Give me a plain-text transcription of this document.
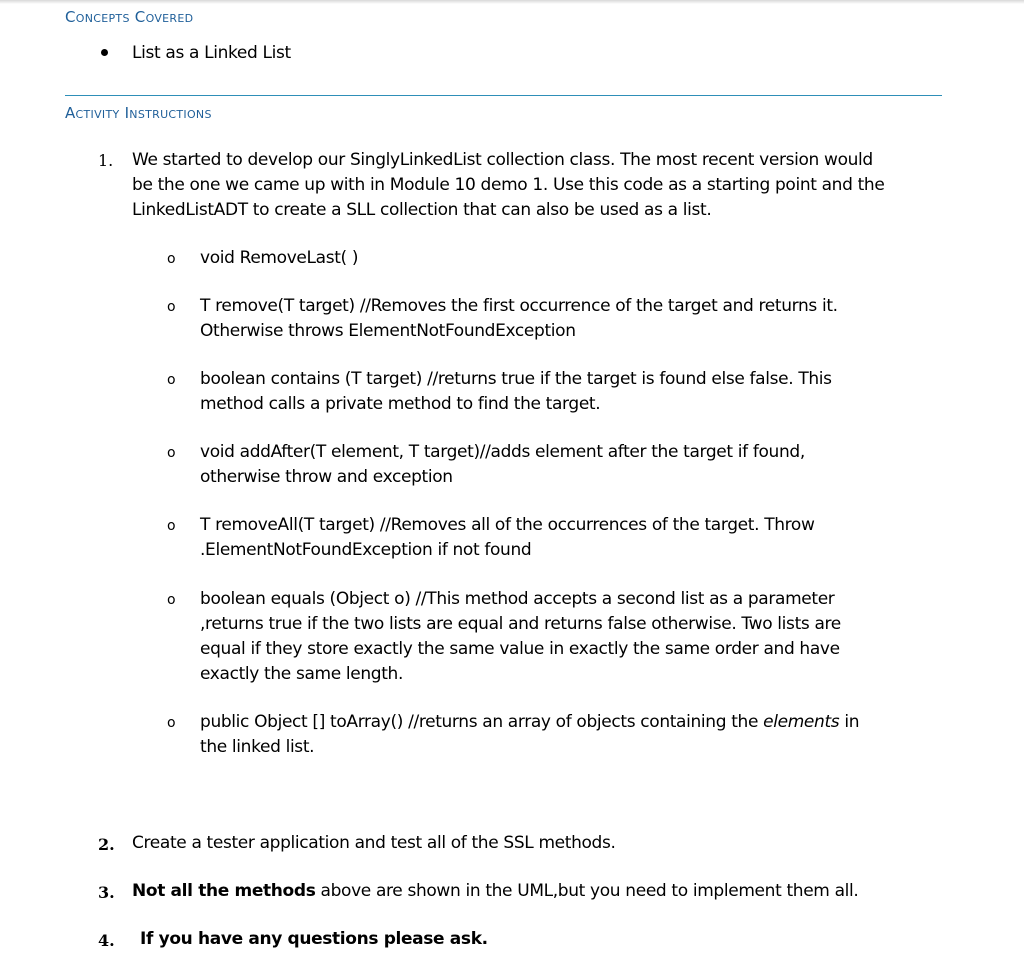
Concepts Covered
List as a Linked List
Activity Instructions
1. We started to develop our SinglyLinkedList collection class. The most recent version would
be the one we came up with in Module 10 demo 1. Use this code as a starting point and the
LinkedListADT to create a SLL collection that can also be used as a list.
o void RemoveLast( )
o T remove(T target) //Removes the first occurrence of the target and returns it.
Otherwise throws ElementNotFoundException
o boolean contains (T target) //returns true if the target is found else false. This
method calls a private method to find the target.
o void addAfter(T element, T target)//adds element after the target if found,
otherwise throw and exception
o T removeAll(T target) //Removes all of the occurrences of the target. Throw
.ElementNotFoundException if not found
o boolean equals (Object o) //This method accepts a second list as a parameter
,returns true if the two lists are equal and returns false otherwise. Two lists are
equal if they store exactly the same value in exactly the same order and have
exactly the same length.
o public Object [] toArray() //returns an array of objects containing the elements in
the linked list.
2. Create a tester application and test all of the SSL methods.
3. Not all the methods above are shown in the UML,but you need to implement them all.
4. If you have any questions please ask.
